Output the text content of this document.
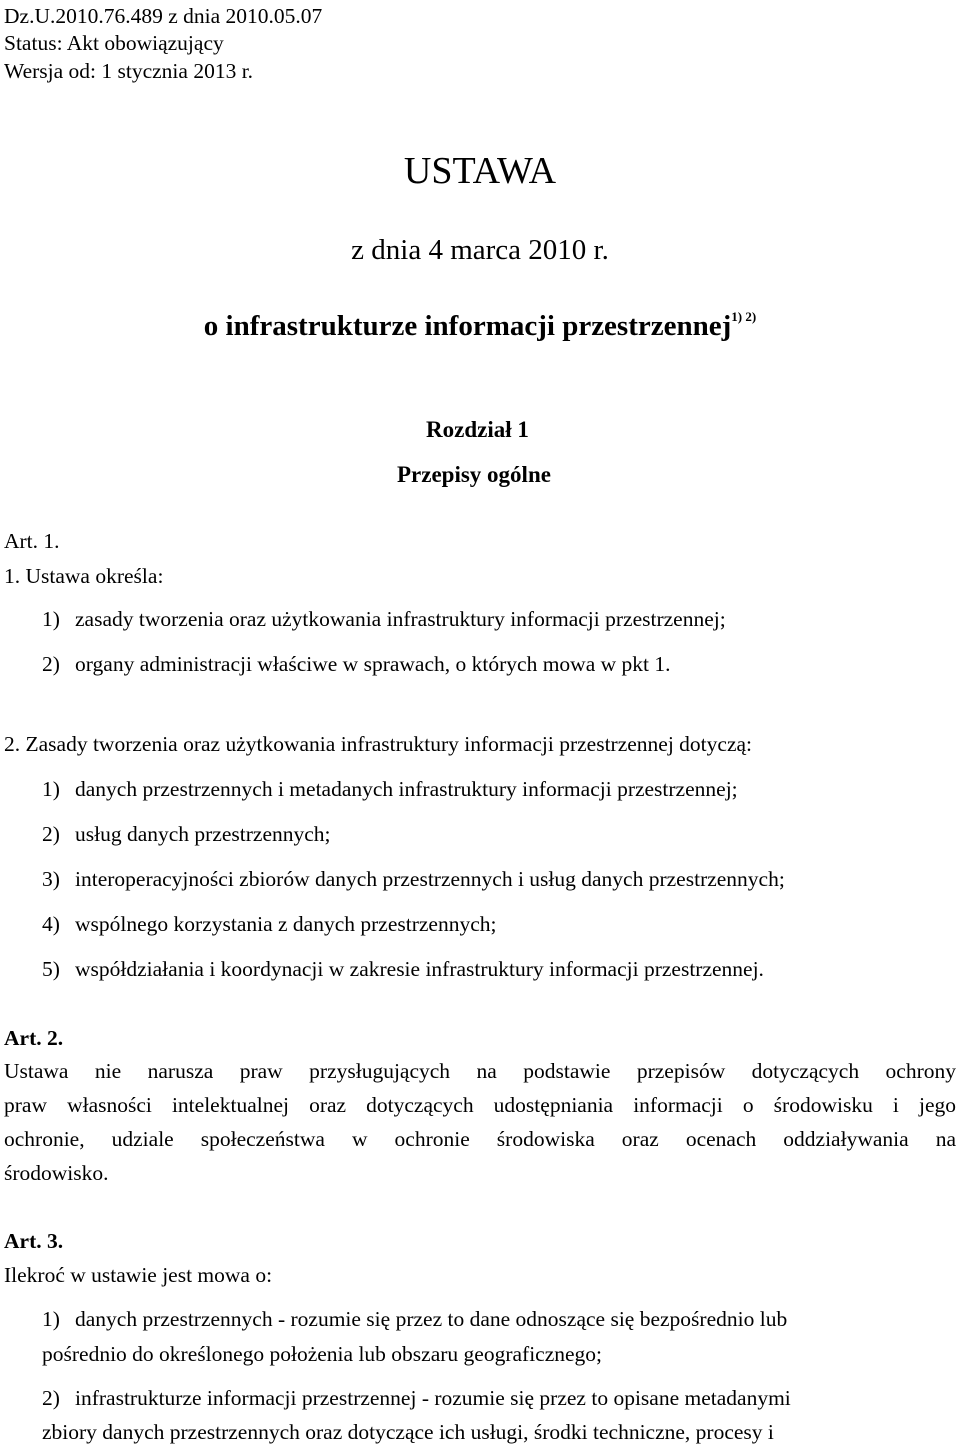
Dz.U.2010.76.489 z dnia 2010.05.07
Status: Akt obowiązujący
Wersja od: 1 stycznia 2013 r.
USTAWA
z dnia 4 marca 2010 r.
o infrastrukturze informacji przestrzennej$^{1) 2)}$
Rozdział 1
Przepisy ogólne
Art. 1.
1. Ustawa określa:
1) zasady tworzenia oraz użytkowania infrastruktury informacji przestrzennej;
2) organy administracji właściwe w sprawach, o których mowa w pkt 1.
2. Zasady tworzenia oraz użytkowania infrastruktury informacji przestrzennej dotyczą:
1) danych przestrzennych i metadanych infrastruktury informacji przestrzennej;
2) usług danych przestrzennych;
3) interoperacyjności zbiorów danych przestrzennych i usług danych przestrzennych;
4) wspólnego korzystania z danych przestrzennych;
5) współdziałania i koordynacji w zakresie infrastruktury informacji przestrzennej.
Art. 2.
Ustawa nie narusza praw przysługujących na podstawie przepisów dotyczących ochrony
praw własności intelektualnej oraz dotyczących udostępniania informacji o środowisku i jego
ochronie, udziale społeczeństwa w ochronie środowiska oraz ocenach oddziaływania na
środowisko.
Art. 3.
Ilekroć w ustawie jest mowa o:
1) danych przestrzennych - rozumie się przez to dane odnoszące się bezpośrednio lub
pośrednio do określonego położenia lub obszaru geograficznego;
2) infrastrukturze informacji przestrzennej - rozumie się przez to opisane metadanymi
zbiory danych przestrzennych oraz dotyczące ich usługi, środki techniczne, procesy i
